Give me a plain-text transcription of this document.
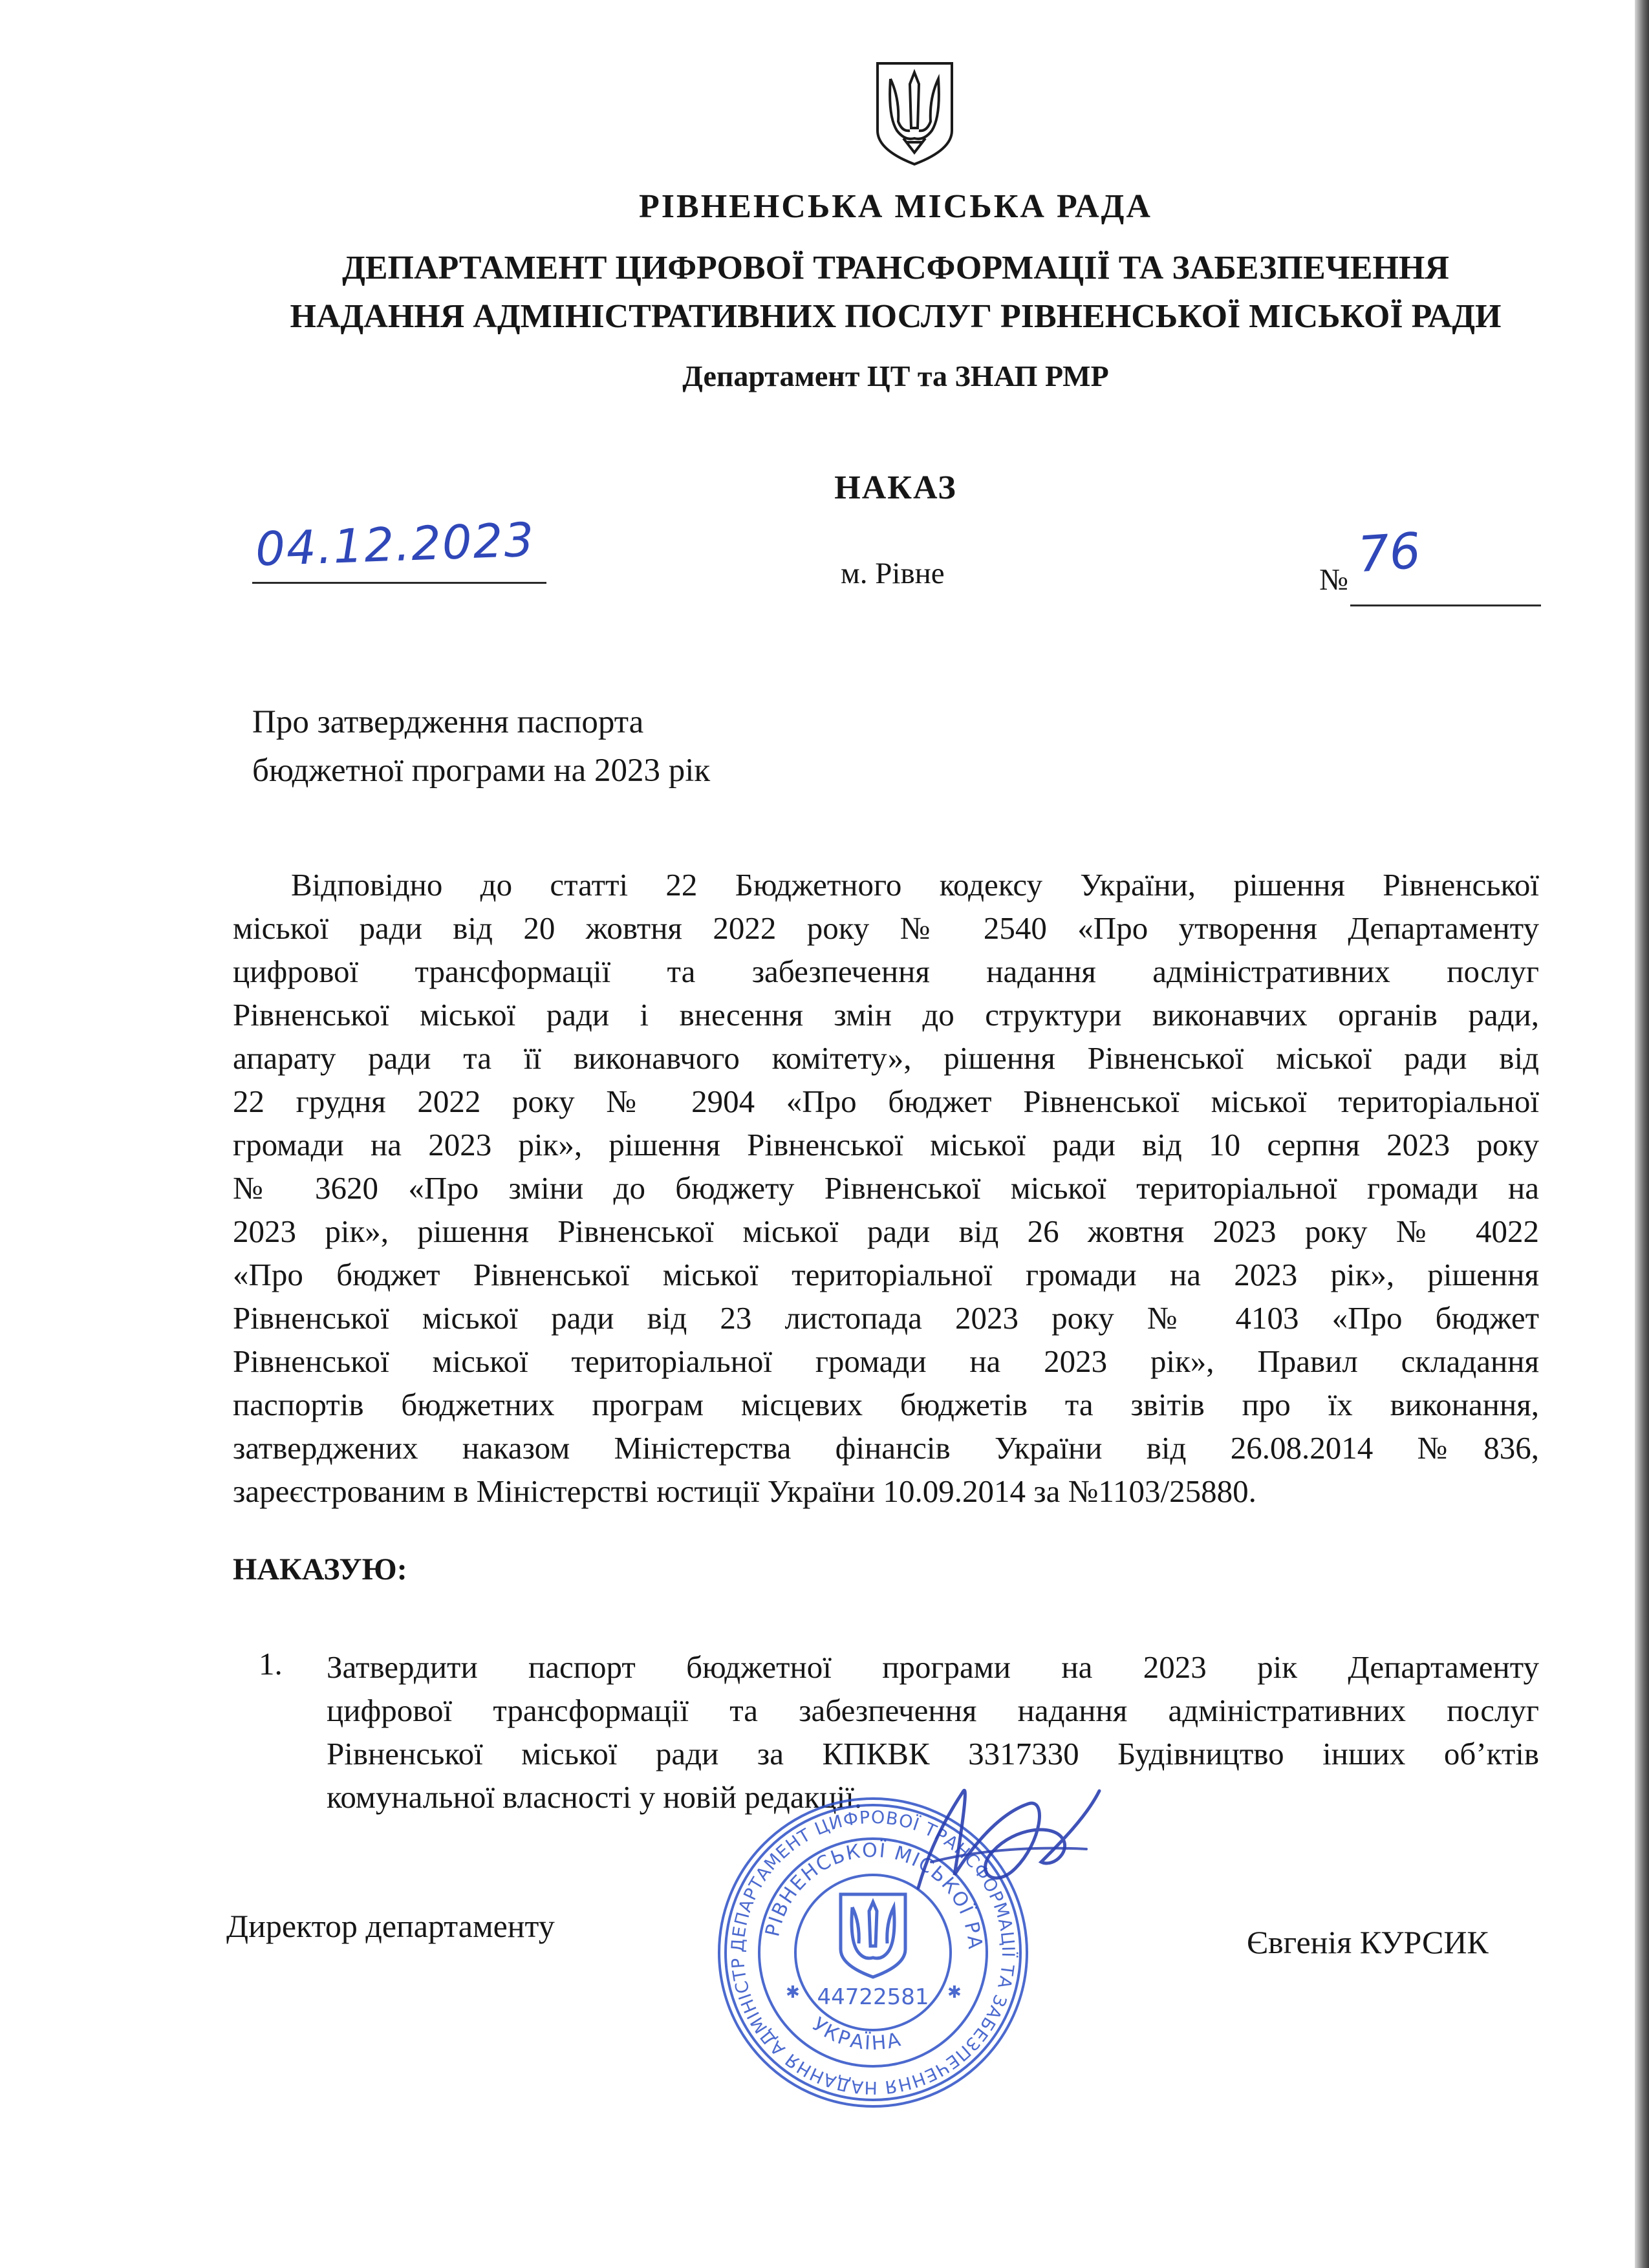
РІВНЕНСЬКА МІСЬКА РАДА
ДЕПАРТАМЕНТ ЦИФРОВОЇ ТРАНСФОРМАЦІЇ ТА ЗАБЕЗПЕЧЕННЯ
НАДАННЯ АДМІНІСТРАТИВНИХ ПОСЛУГ РІВНЕНСЬКОЇ МІСЬКОЇ РАДИ
Департамент ЦТ та ЗНАП РМР
НАКАЗ
04.12.2023	м. Рівне	№ 76
Про затвердження паспорта
бюджетної програми на 2023 рік
Відповідно до статті 22 Бюджетного кодексу України, рішення Рівненської
міської ради від 20 жовтня 2022 року № 2540 «Про утворення Департаменту
цифрової трансформації та забезпечення надання адміністративних послуг
Рівненської міської ради і внесення змін до структури виконавчих органів ради,
апарату ради та її виконавчого комітету», рішення Рівненської міської ради від
22 грудня 2022 року № 2904 «Про бюджет Рівненської міської територіальної
громади на 2023 рік», рішення Рівненської міської ради від 10 серпня 2023 року
№ 3620 «Про зміни до бюджету Рівненської міської територіальної громади на
2023 рік», рішення Рівненської міської ради від 26 жовтня 2023 року № 4022
«Про бюджет Рівненської міської територіальної громади на 2023 рік», рішення
Рівненської міської ради від 23 листопада 2023 року № 4103 «Про бюджет
Рівненської міської територіальної громади на 2023 рік», Правил складання
паспортів бюджетних програм місцевих бюджетів та звітів про їх виконання,
затверджених наказом Міністерства фінансів України від 26.08.2014 №836,
зареєстрованим в Міністерстві юстиції України 10.09.2014 за №1103/25880.
НАКАЗУЮ:
1. Затвердити паспорт бюджетної програми на 2023 рік Департаменту
цифрової трансформації та забезпечення надання адміністративних послуг
Рівненської міської ради за КПКВК 3317330 Будівництво інших об’ктів
комунальної власності у новій редакції.
ДЕПАРТАМЕНТ ЦИФРОВОЇ ТРАНСФОРМАЦІЇ ТА ЗАБЕЗПЕЧЕННЯ НАДАННЯ АДМІНІСТР
РІВНЕНСЬКОЇ МІСЬКОЇ РА
УКРАЇНА
44722581
✱	✱
Директор департаменту	Євгенія КУРСИК
